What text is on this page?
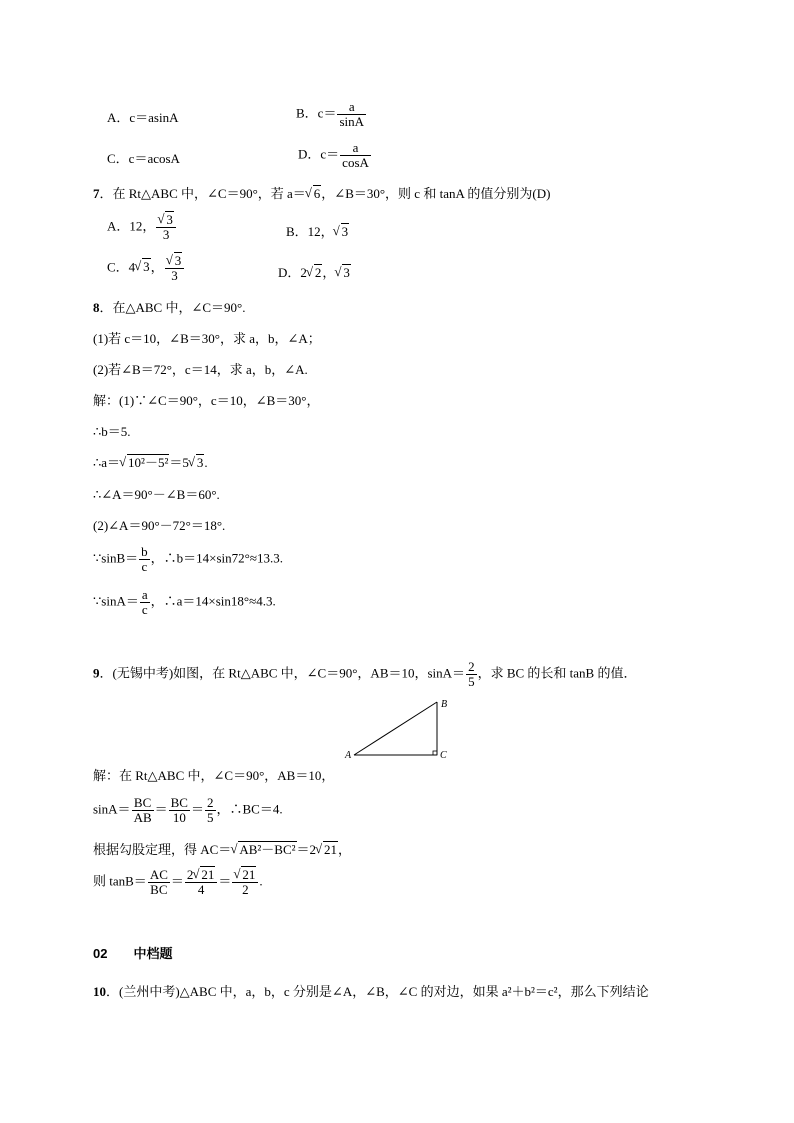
A．c＝asinA	B．$c= \frac{a}{\sin A}$
C．c＝acosA	D．$c= \frac{a}{\cos A}$
7．在 Rt△ABC 中，∠C＝90°，若 a＝ √ 6，∠B＝30°，则 c 和 tanA 的值分别为(D)
A．12， √ $\frac{3}{3}$	B．12， √ 3
C．4 √ 3， √ $\frac{3}{3}$	D．2 √ 2， √ 3
8．在△ABC 中，∠C＝90°.
(1)若 c＝10，∠B＝30°，求 a，b，∠A；
(2)若∠B＝72°，c＝14，求 a，b，∠A.
解：(1)∵∠C＝90°，c＝10，∠B＝30°，
∴b＝5.
∴a＝ √ 10²－5²＝5 √ 3.
∴∠A＝90°－∠B＝60°.
(2)∠A＝90°－72°＝18°.
∵sinB＝ $\frac{b}{c}$ ，∴b＝14×sin72°≈13.3.
∵sinA＝ $\frac{a}{c}$ ，∴a＝14×sin18°≈4.3.
9．(无锡中考)如图，在 Rt△ABC 中，∠C＝90°，AB＝10，$\sin A= \frac{2}{5}$ ，求 BC 的长和 tanB 的值．
A
B
C
解：在 Rt△ABC 中，∠C＝90°，AB＝10，
$\sin A= \frac{BC}{AB} = \frac{BC}{10} = \frac{2}{5}$ ，∴BC＝4.
根据勾股定理，得 AC＝ √ AB²－BC²＝2 √ 21，
则 $\tan B= \frac{AC}{BC} = \frac{2 √ 21}{4}$ ＝ √ $\frac{21}{2}$ .
02 中档题
10．(兰州中考)△ABC 中，a，b，c 分别是∠A，∠B，∠C 的对边，如果 a²＋b²＝c²，那么下列结论
